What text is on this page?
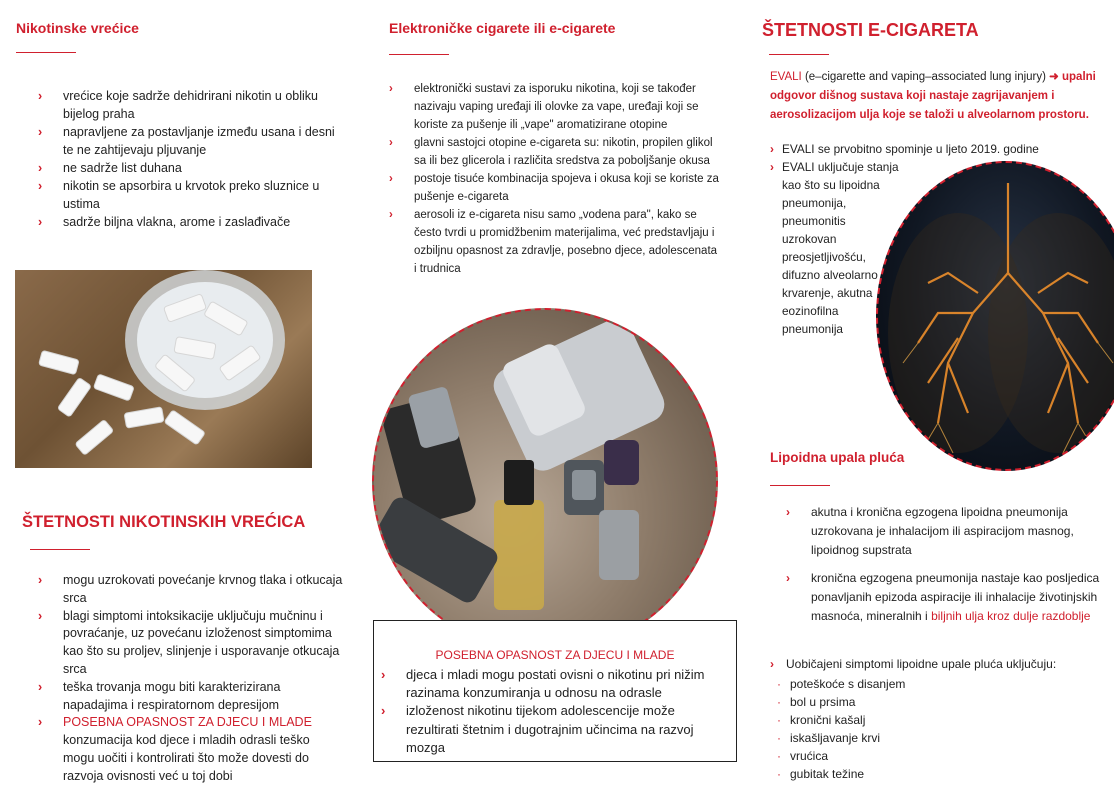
Nikotinske vrećice
› vrećice koje sadrže dehidrirani nikotin u obliku bijelog praha
› napravljene za postavljanje između usana i desni te ne zahtijevaju pljuvanje
› ne sadrže list duhana
› nikotin se apsorbira u krvotok preko sluznice u ustima
› sadrže biljna vlakna, arome i zaslađivače
ŠTETNOSTI NIKOTINSKIH VREĆICA
› mogu uzrokovati povećanje krvnog tlaka i otkucaja srca
› blagi simptomi intoksikacije uključuju mučninu i povraćanje, uz povećanu izloženost simptomima kao što su proljev, slinjenje i usporavanje otkucaja srca
› teška trovanja mogu biti karakterizirana napadajima i respiratornom depresijom
› POSEBNA OPASNOST ZA DJECU I MLADE
konzumacija kod djece i mladih odrasli teško mogu uočiti i kontrolirati što može dovesti do razvoja ovisnosti već u toj dobi
Elektroničke cigarete ili e-cigarete
› elektronički sustavi za isporuku nikotina, koji se također nazivaju vaping uređaji ili olovke za vape, uređaji koji se koriste za pušenje ili „vape" aromatizirane otopine
› glavni sastojci otopine e-cigareta su: nikotin, propilen glikol sa ili bez glicerola i različita sredstva za poboljšanje okusa
› postoje tisuće kombinacija spojeva i okusa koji se koriste za pušenje e-cigareta
› aerosoli iz e-cigareta nisu samo „vodena para", kako se često tvrdi u promidžbenim materijalima, već predstavljaju i ozbiljnu opasnost za zdravlje, posebno djece, adolescenata i trudnica
POSEBNA OPASNOST ZA DJECU I MLADE
› djeca i mladi mogu postati ovisni o nikotinu pri nižim razinama konzumiranja u odnosu na odrasle
› izloženost nikotinu tijekom adolescencije može rezultirati štetnim i dugotrajnim učincima na razvoj mozga
ŠTETNOSTI E-CIGARETA
EVALI (e–cigarette and vaping–associated lung injury) ➜ upalni odgovor dišnog sustava koji nastaje zagrijavanjem i aerosolizacijom ulja koje se taloži u alveolarnom prostoru.
› EVALI se prvobitno spominje u ljeto 2019. godine
› EVALI uključuje stanja kao što su lipoidna pneumonija, pneumonitis uzrokovan preosjetljivošću, difuzno alveolarno krvarenje, akutna eozinofilna pneumonija
Lipoidna upala pluća
› akutna i kronična egzogena lipoidna pneumonija uzrokovana je inhalacijom ili aspiracijom masnog, lipoidnog supstrata
› kronična egzogena pneumonija nastaje kao posljedica ponavljanih epizoda aspiracije ili inhalacije životinjskih masnoća, mineralnih i biljnih ulja kroz dulje razdoblje
› Uobičajeni simptomi lipoidne upale pluća uključuju:
· poteškoće s disanjem
· bol u prsima
· kronični kašalj
· iskašljavanje krvi
· vrućica
· gubitak težine
